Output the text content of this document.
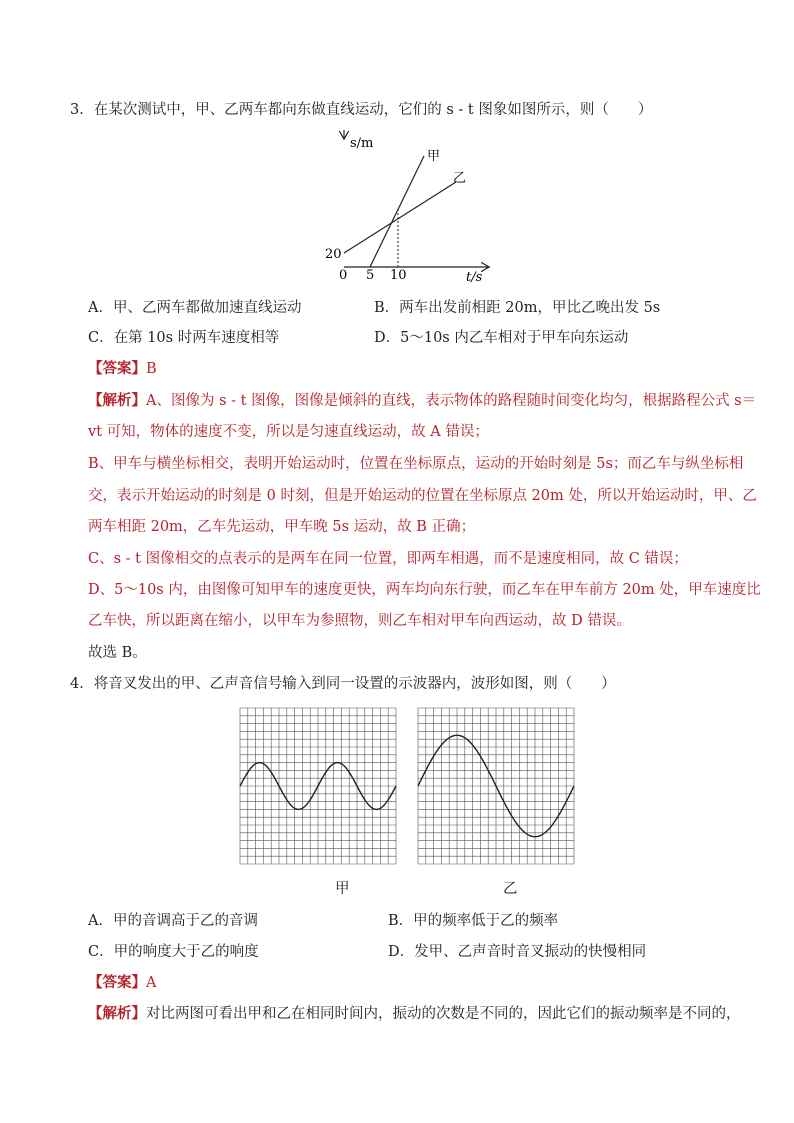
3．在某次测试中，甲、乙两车都向东做直线运动，它们的 s - t 图象如图所示，则（　　）
s/m
t/s
0
20
5 10
甲
乙
A．甲、乙两车都做加速直线运动	B．两车出发前相距 20m，甲比乙晚出发 5s
C．在第 10s 时两车速度相等	D．5～10s 内乙车相对于甲车向东运动
【答案】B
【解析】A、图像为 s - t 图像，图像是倾斜的直线，表示物体的路程随时间变化均匀，根据路程公式 s＝
vt 可知，物体的速度不变，所以是匀速直线运动，故 A 错误；
B、甲车与横坐标相交，表明开始运动时，位置在坐标原点，运动的开始时刻是 5s；而乙车与纵坐标相
交，表示开始运动的时刻是 0 时刻，但是开始运动的位置在坐标原点 20m 处，所以开始运动时，甲、乙
两车相距 20m，乙车先运动，甲车晚 5s 运动，故 B 正确；
C、s - t 图像相交的点表示的是两车在同一位置，即两车相遇，而不是速度相同，故 C 错误；
D、5～10s 内，由图像可知甲车的速度更快，两车均向东行驶，而乙车在甲车前方 20m 处，甲车速度比
乙车快，所以距离在缩小，以甲车为参照物，则乙车相对甲车向西运动，故 D 错误。
故选 B。
4．将音叉发出的甲、乙声音信号输入到同一设置的示波器内，波形如图，则（　　）
甲	乙
A．甲的音调高于乙的音调	B．甲的频率低于乙的频率
C．甲的响度大于乙的响度	D．发甲、乙声音时音叉振动的快慢相同
【答案】A
【解析】对比两图可看出甲和乙在相同时间内，振动的次数是不同的，因此它们的振动频率是不同的，
